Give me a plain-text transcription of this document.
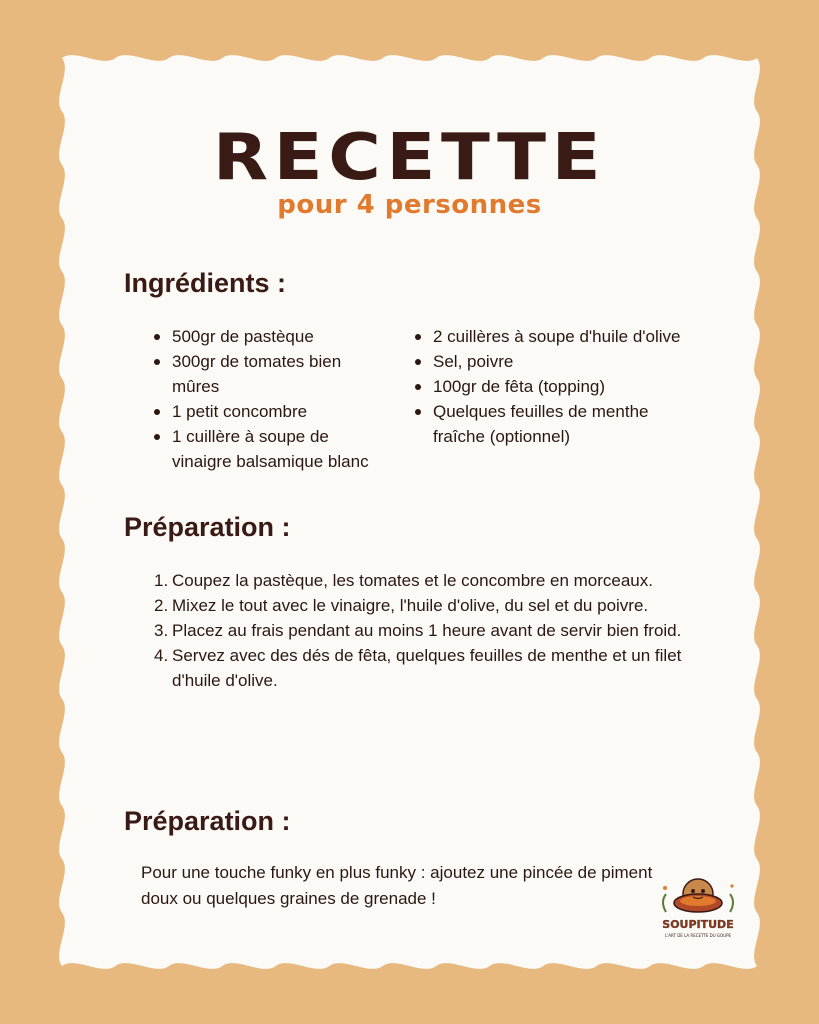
RECETTE
pour 4 personnes
Ingrédients :
500gr de pastèque
300gr de tomates bien mûres
1 petit concombre
1 cuillère à soupe de vinaigre balsamique blanc
2 cuillères à soupe d'huile d'olive
Sel, poivre
100gr de fêta (topping)
Quelques feuilles de menthe fraîche (optionnel)
Préparation :
1. Coupez la pastèque, les tomates et le concombre en morceaux.
2. Mixez le tout avec le vinaigre, l'huile d'olive, du sel et du poivre.
3. Placez au frais pendant au moins 1 heure avant de servir bien froid.
4. Servez avec des dés de fêta, quelques feuilles de menthe et un filet d'huile d'olive.
Préparation :
Pour une touche funky en plus funky : ajoutez une pincée de piment doux ou quelques graines de grenade !
SOUPITUDE
L'ART DE LA RECETTE DU GOUPE
